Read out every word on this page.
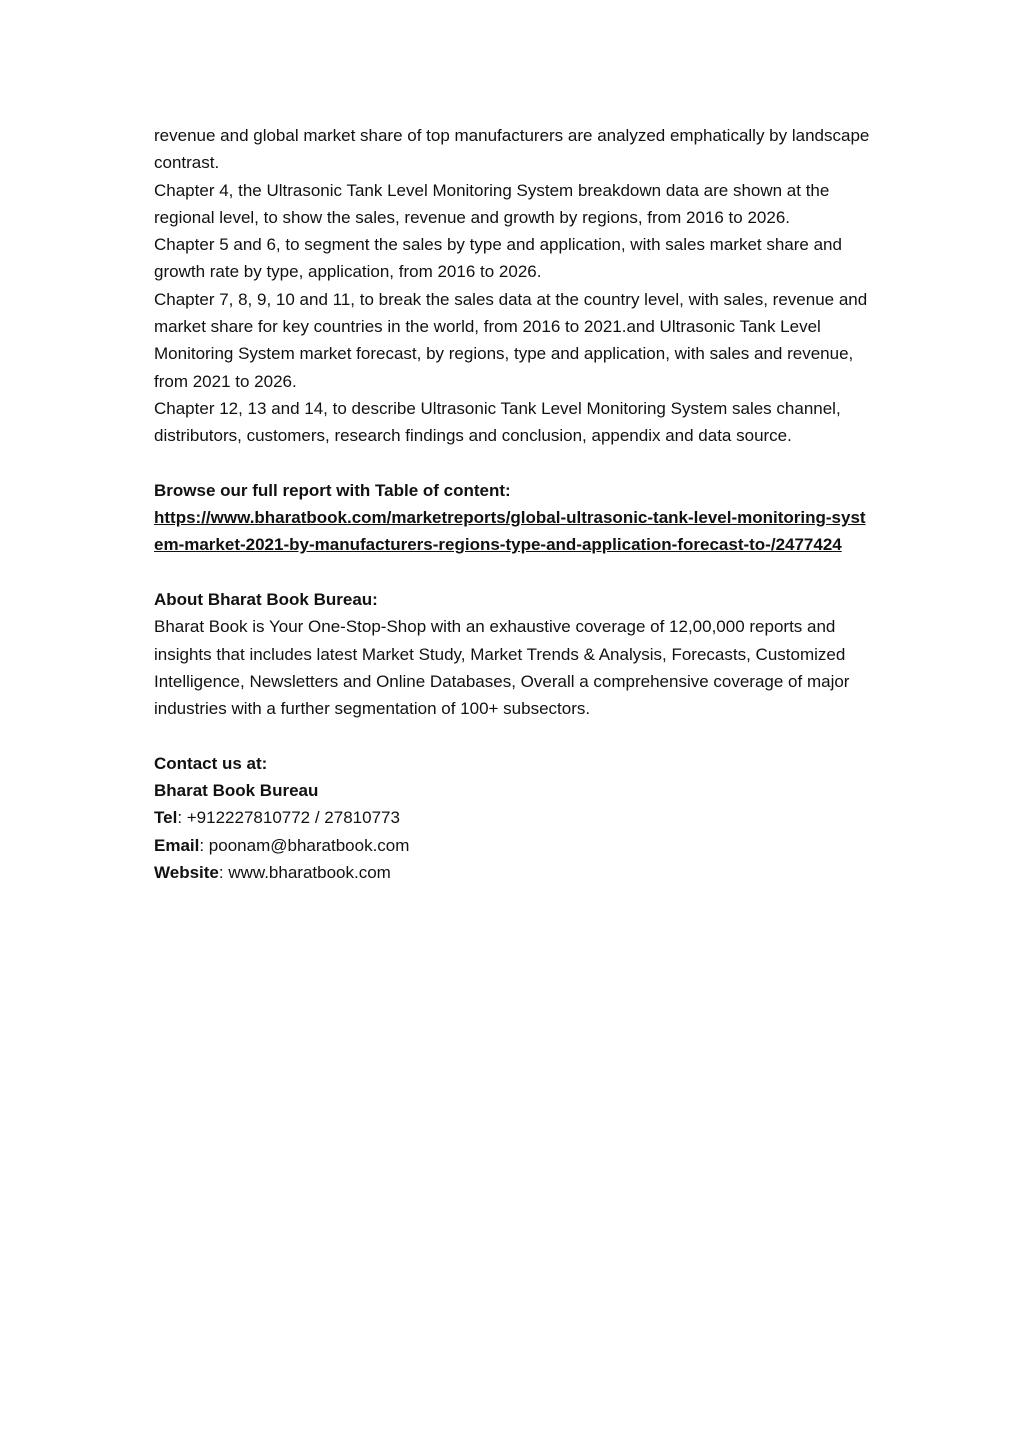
revenue and global market share of top manufacturers are analyzed emphatically by landscape contrast.

Chapter 4, the Ultrasonic Tank Level Monitoring System breakdown data are shown at the regional level, to show the sales, revenue and growth by regions, from 2016 to 2026.

Chapter 5 and 6, to segment the sales by type and application, with sales market share and growth rate by type, application, from 2016 to 2026.

Chapter 7, 8, 9, 10 and 11, to break the sales data at the country level, with sales, revenue and market share for key countries in the world, from 2016 to 2021.and Ultrasonic Tank Level Monitoring System market forecast, by regions, type and application, with sales and revenue, from 2021 to 2026.

Chapter 12, 13 and 14, to describe Ultrasonic Tank Level Monitoring System sales channel, distributors, customers, research findings and conclusion, appendix and data source.

Browse our full report with Table of content:

https://www.bharatbook.com/marketreports/global-ultrasonic-tank-level-monitoring-system-market-2021-by-manufacturers-regions-type-and-application-forecast-to-/2477424

About Bharat Book Bureau:

Bharat Book is Your One-Stop-Shop with an exhaustive coverage of 12,00,000 reports and insights that includes latest Market Study, Market Trends & Analysis, Forecasts, Customized Intelligence, Newsletters and Online Databases, Overall a comprehensive coverage of major industries with a further segmentation of 100+ subsectors.

Contact us at:

Bharat Book Bureau

Tel: +912227810772 / 27810773

Email: poonam@bharatbook.com

Website: www.bharatbook.com
